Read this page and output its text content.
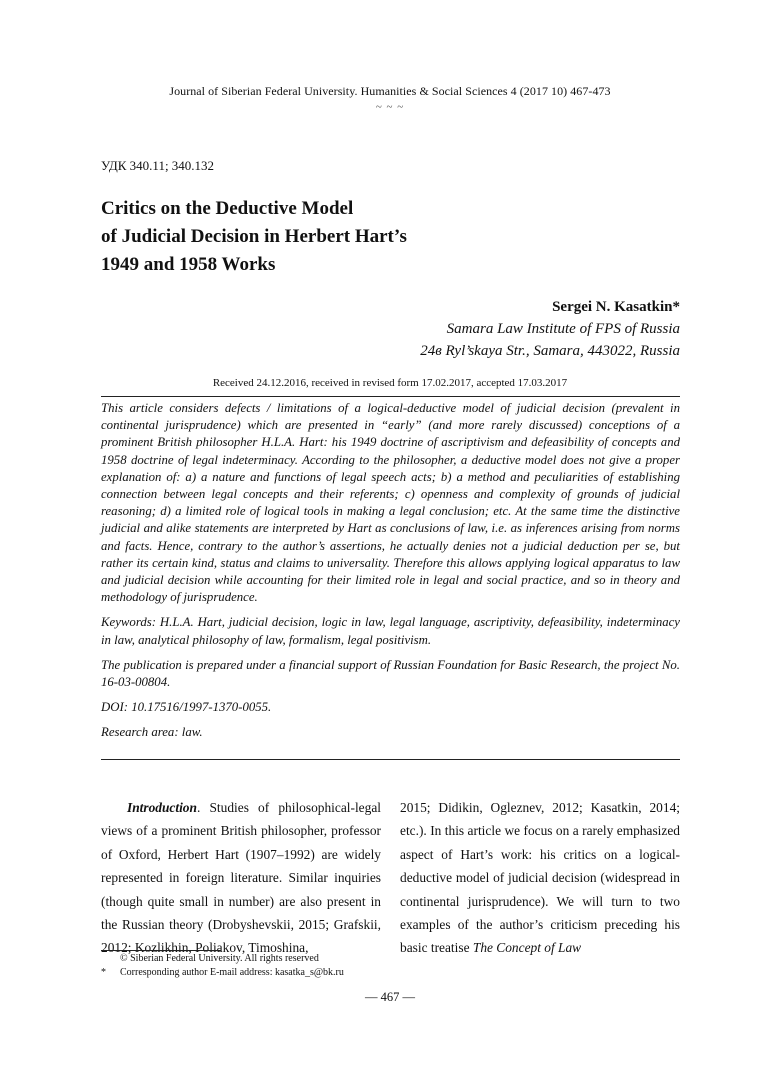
Journal of Siberian Federal University. Humanities & Social Sciences 4 (2017 10) 467-473
~ ~ ~
УДК 340.11; 340.132
Critics on the Deductive Model
of Judicial Decision in Herbert Hart’s
1949 and 1958 Works
Sergei N. Kasatkin*
Samara Law Institute of FPS of Russia
24в Ryl’skaya Str., Samara, 443022, Russia
Received 24.12.2016, received in revised form 17.02.2017, accepted 17.03.2017

This article considers defects / limitations of a logical-deductive model of judicial decision (prevalent in continental jurisprudence) which are presented in “early” (and more rarely discussed) conceptions of a prominent British philosopher H.L.A. Hart: his 1949 doctrine of ascriptivism and defeasibility of concepts and 1958 doctrine of legal indeterminacy. According to the philosopher, a deductive model does not give a proper explanation of: a) a nature and functions of legal speech acts; b) a method and peculiarities of establishing connection between legal concepts and their referents; c) openness and complexity of grounds of judicial reasoning; d) a limited role of logical tools in making a legal conclusion; etc. At the same time the distinctive judicial and alike statements are interpreted by Hart as conclusions of law, i.e. as inferences arising from norms and facts. Hence, contrary to the author’s assertions, he actually denies not a judicial deduction per se, but rather its certain kind, status and claims to universality. Therefore this allows applying logical apparatus to law and judicial decision while accounting for their limited role in legal and social practice, and so in theory and methodology of jurisprudence.

Keywords: H.L.A. Hart, judicial decision, logic in law, legal language, ascriptivity, defeasibility, indeterminacy in law, analytical philosophy of law, formalism, legal positivism.

The publication is prepared under a financial support of Russian Foundation for Basic Research, the project No. 16-03-00804.

DOI: 10.17516/1997-1370-0055.

Research area: law.

Introduction. Studies of philosophical-legal views of a prominent British philosopher, professor of Oxford, Herbert Hart (1907–1992) are widely represented in foreign literature. Similar inquiries (though quite small in number) are also present in the Russian theory (Drobyshevskii, 2015; Grafskii, 2012; Kozlikhin, Poliakov, Timoshina,
2015; Didikin, Ogleznev, 2012; Kasatkin, 2014; etc.). In this article we focus on a rarely emphasized aspect of Hart’s work: his critics on a logical-deductive model of judicial decision (widespread in continental jurisprudence). We will turn to two examples of the author’s criticism preceding his basic treatise The Concept of Law
© Siberian Federal University. All rights reserved
* Corresponding author E-mail address: kasatka_s@bk.ru
— 467 —
